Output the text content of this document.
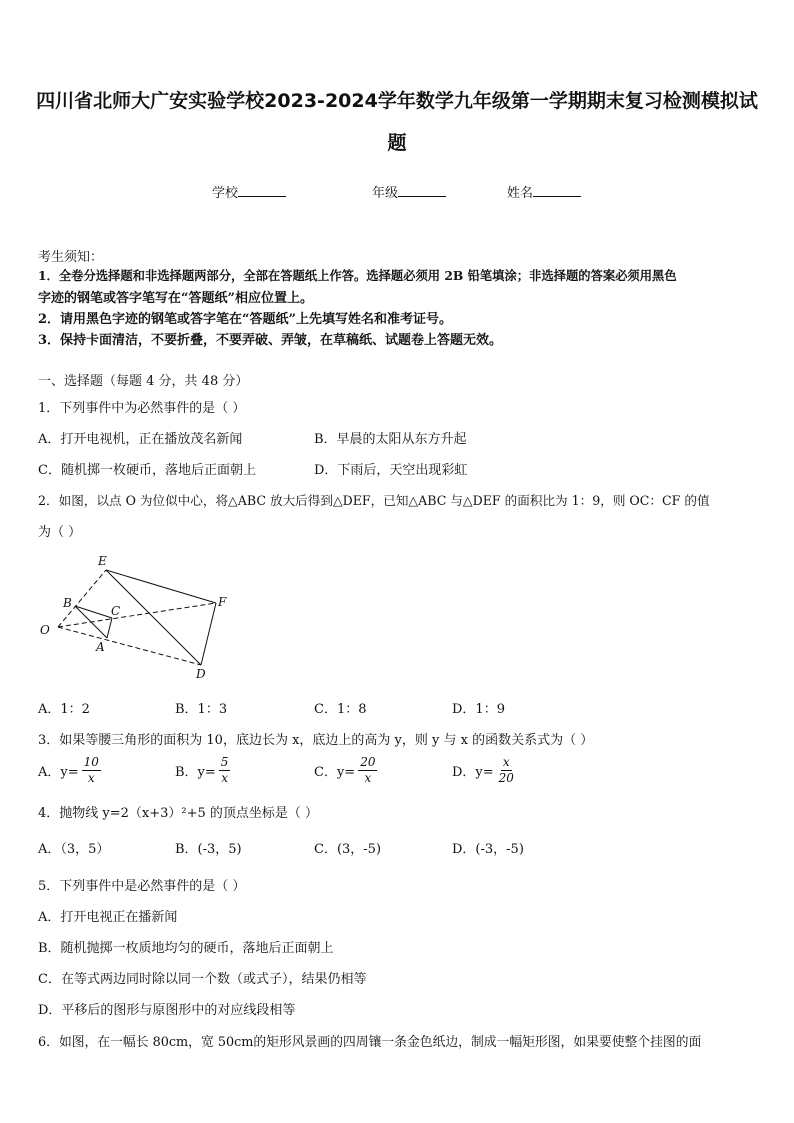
四川省北师大广安实验学校2023-2024学年数学九年级第一学期期末复习检测模拟试
题
学校	年级	姓名
考生须知：
1．全卷分选择题和非选择题两部分，全部在答题纸上作答。选择题必须用 2B 铅笔填涂；非选择题的答案必须用黑色
字迹的钢笔或答字笔写在“答题纸”相应位置上。
2．请用黑色字迹的钢笔或答字笔在“答题纸”上先填写姓名和准考证号。
3．保持卡面清洁，不要折叠，不要弄破、弄皱，在草稿纸、试题卷上答题无效。
一、选择题（每题 4 分，共 48 分）
1．下列事件中为必然事件的是（ ）
A．打开电视机，正在播放茂名新闻	B．早晨的太阳从东方升起
C．随机掷一枚硬币，落地后正面朝上	D．下雨后，天空出现彩虹
2．如图，以点 O 为位似中心，将△ABC 放大后得到△DEF，已知△ABC 与△DEF 的面积比为 1：9，则 OC：CF 的值
为（ ）
E
B
C
F
O
A
D
A．1：2	B．1：3	C．1：8	D．1：9
3．如果等腰三角形的面积为 10，底边长为 x，底边上的高为 y，则 y 与 x 的函数关系式为（ ）
A．$y= \frac{10}{x}$	B．$y= \frac{5}{x}$	C．$y= \frac{20}{x}$	D．$y= \frac{x}{20}$
4．抛物线 y=2（x+3）²+5 的顶点坐标是（ ）
A．（3，5）	B．(-3，5)	C．(3，-5)	D．(-3，-5)
5．下列事件中是必然事件的是（ ）
A．打开电视正在播新闻
B．随机抛掷一枚质地均匀的硬币，落地后正面朝上
C．在等式两边同时除以同一个数（或式子），结果仍相等
D．平移后的图形与原图形中的对应线段相等
6．如图，在一幅长 80cm，宽 50cm的矩形风景画的四周镶一条金色纸边，制成一幅矩形图，如果要使整个挂图的面
